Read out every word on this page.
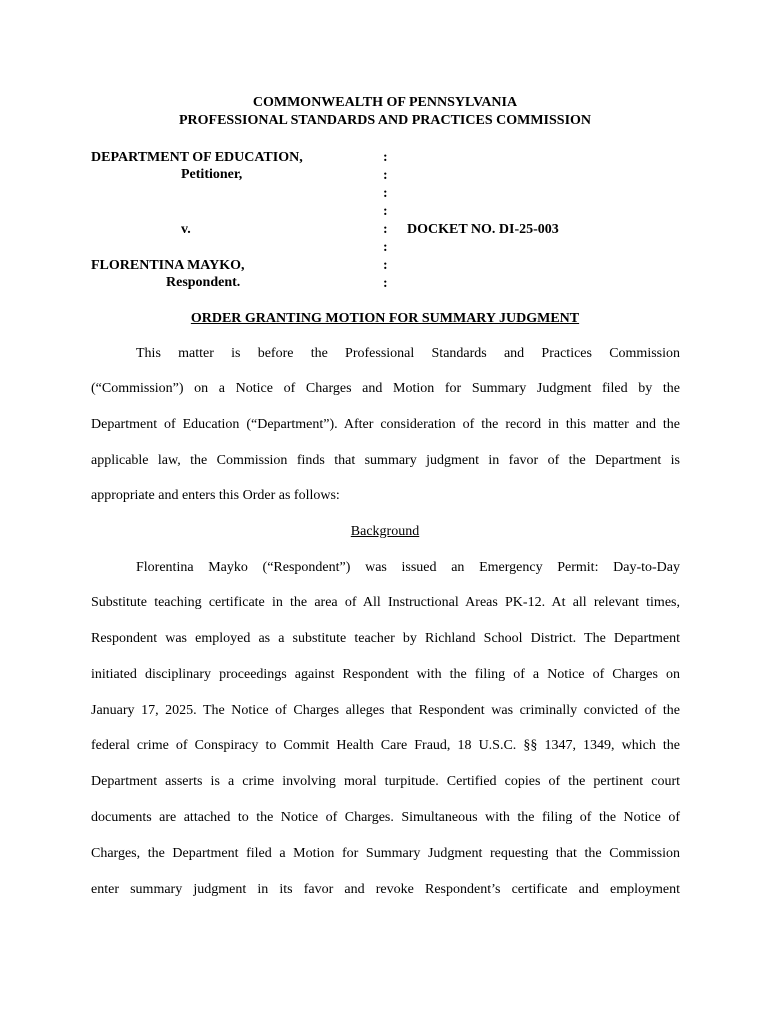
COMMONWEALTH OF PENNSYLVANIA
PROFESSIONAL STANDARDS AND PRACTICES COMMISSION
DEPARTMENT OF EDUCATION,
Petitioner,
v.
FLORENTINA MAYKO,
Respondent.
DOCKET NO. DI-25-003
:
:
:
:
:
:
:
:
ORDER GRANTING MOTION FOR SUMMARY JUDGMENT
This matter is before the Professional Standards and Practices Commission
(“Commission”) on a Notice of Charges and Motion for Summary Judgment filed by the
Department of Education (“Department”). After consideration of the record in this matter and the
applicable law, the Commission finds that summary judgment in favor of the Department is
appropriate and enters this Order as follows:
Background
Florentina Mayko (“Respondent”) was issued an Emergency Permit: Day-to-Day
Substitute teaching certificate in the area of All Instructional Areas PK-12. At all relevant times,
Respondent was employed as a substitute teacher by Richland School District. The Department
initiated disciplinary proceedings against Respondent with the filing of a Notice of Charges on
January 17, 2025. The Notice of Charges alleges that Respondent was criminally convicted of the
federal crime of Conspiracy to Commit Health Care Fraud, 18 U.S.C. §§ 1347, 1349, which the
Department asserts is a crime involving moral turpitude. Certified copies of the pertinent court
documents are attached to the Notice of Charges. Simultaneous with the filing of the Notice of
Charges, the Department filed a Motion for Summary Judgment requesting that the Commission
enter summary judgment in its favor and revoke Respondent’s certificate and employment
